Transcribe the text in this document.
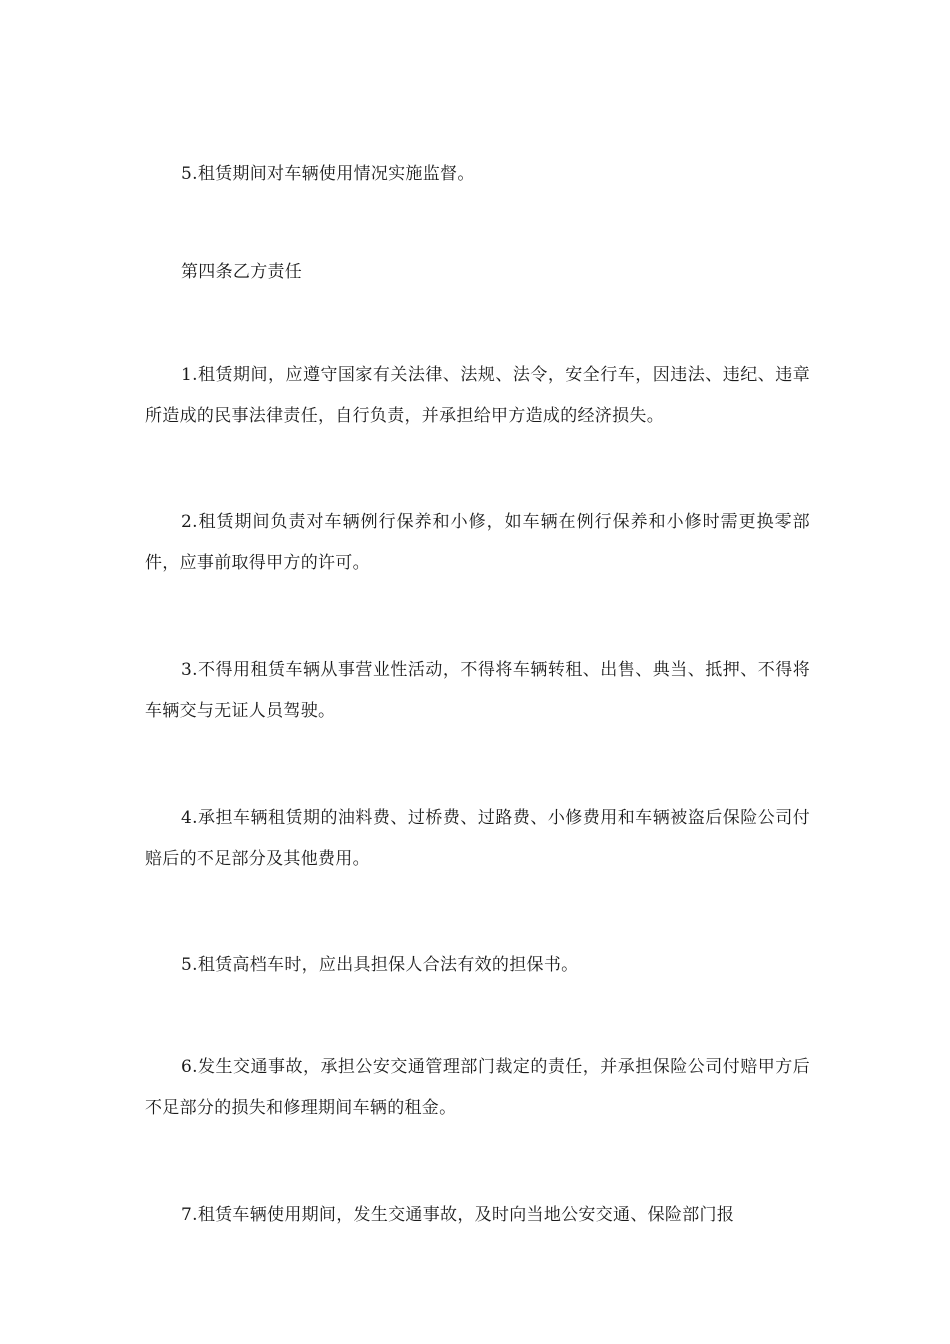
5.租赁期间对车辆使用情况实施监督。

第四条乙方责任

1.租赁期间，应遵守国家有关法律、法规、法令，安全行车，因违法、违纪、违章所造成的民事法律责任，自行负责，并承担给甲方造成的经济损失。

2.租赁期间负责对车辆例行保养和小修，如车辆在例行保养和小修时需更换零部件，应事前取得甲方的许可。

3.不得用租赁车辆从事营业性活动，不得将车辆转租、出售、典当、抵押、不得将车辆交与无证人员驾驶。

4.承担车辆租赁期的油料费、过桥费、过路费、小修费用和车辆被盗后保险公司付赔后的不足部分及其他费用。

5.租赁高档车时，应出具担保人合法有效的担保书。

6.发生交通事故，承担公安交通管理部门裁定的责任，并承担保险公司付赔甲方后不足部分的损失和修理期间车辆的租金。

7.租赁车辆使用期间，发生交通事故，及时向当地公安交通、保险部门报
